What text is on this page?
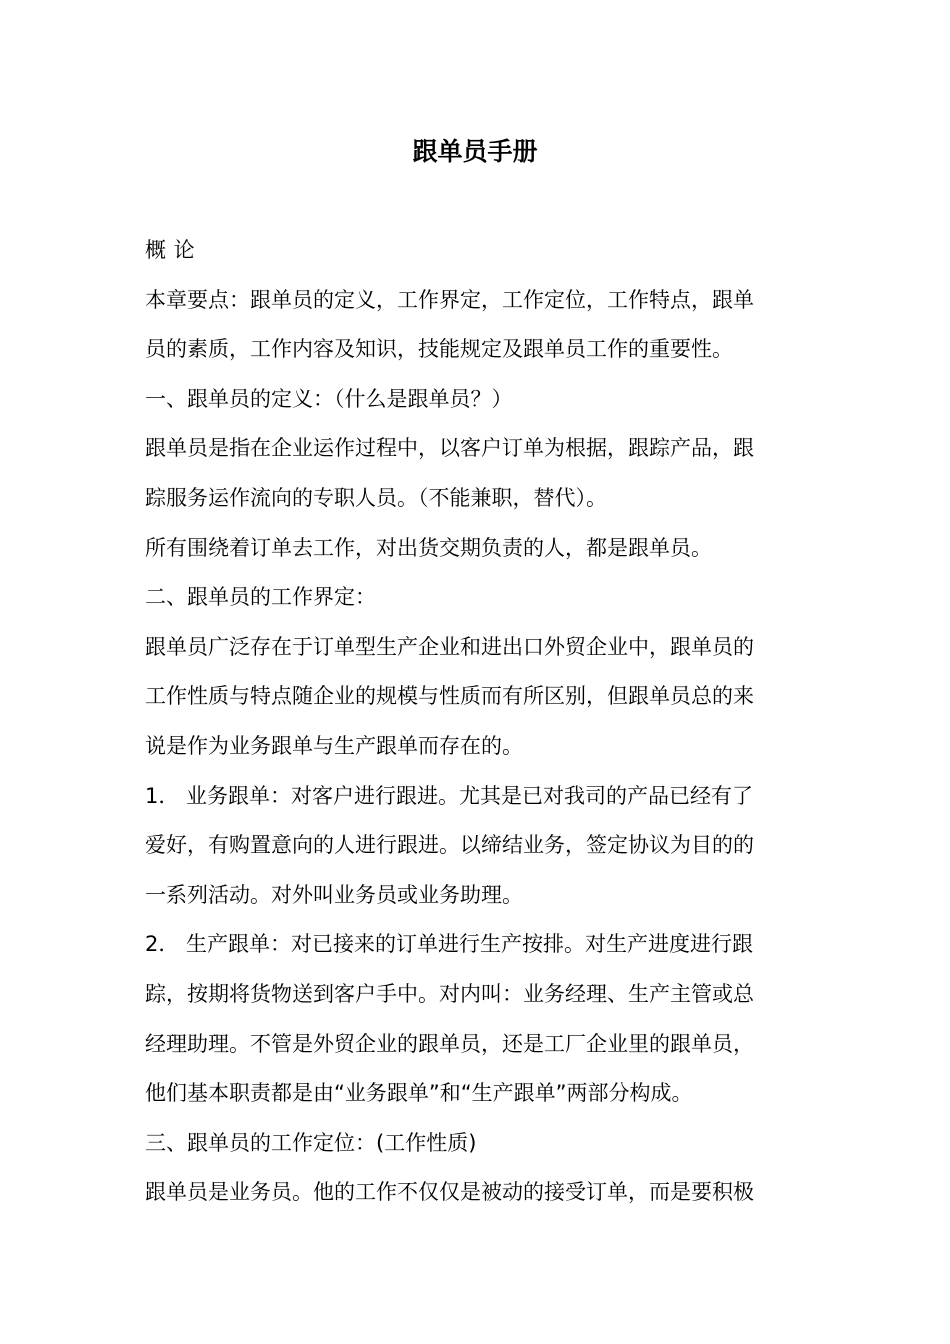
跟单员手册
概 论
本章要点：跟单员的定义，工作界定，工作定位，工作特点，跟单
员的素质，工作内容及知识，技能规定及跟单员工作的重要性。
一、跟单员的定义：（什么是跟单员？）
跟单员是指在企业运作过程中，以客户订单为根据，跟踪产品，跟
踪服务运作流向的专职人员。（不能兼职，替代）。
所有围绕着订单去工作，对出货交期负责的人，都是跟单员。
二、跟单员的工作界定：
跟单员广泛存在于订单型生产企业和进出口外贸企业中，跟单员的
工作性质与特点随企业的规模与性质而有所区别，但跟单员总的来
说是作为业务跟单与生产跟单而存在的。
1． 业务跟单：对客户进行跟进。尤其是已对我司的产品已经有了
爱好，有购置意向的人进行跟进。以缔结业务，签定协议为目的的
一系列活动。对外叫业务员或业务助理。
2． 生产跟单：对已接来的订单进行生产按排。对生产进度进行跟
踪，按期将货物送到客户手中。对内叫：业务经理、生产主管或总
经理助理。不管是外贸企业的跟单员，还是工厂企业里的跟单员，
他们基本职责都是由“业务跟单”和“生产跟单”两部分构成。
三、跟单员的工作定位：(工作性质)
跟单员是业务员。他的工作不仅仅是被动的接受订单，而是要积极
